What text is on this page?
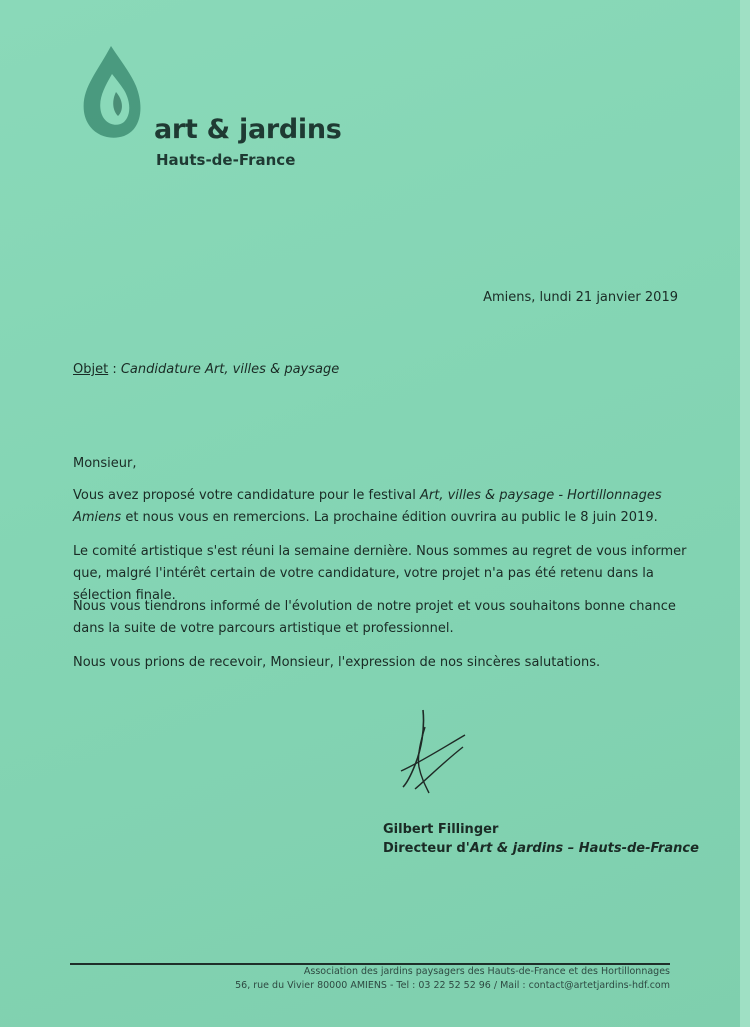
art & jardins
Hauts-de-France
Amiens, lundi 21 janvier 2019
Objet : Candidature Art, villes & paysage
Monsieur,
Vous avez proposé votre candidature pour le festival Art, villes & paysage - Hortillonnages Amiens et nous vous en remercions. La prochaine édition ouvrira au public le 8 juin 2019.
Le comité artistique s'est réuni la semaine dernière. Nous sommes au regret de vous informer que, malgré l'intérêt certain de votre candidature, votre projet n'a pas été retenu dans la sélection finale.
Nous vous tiendrons informé de l'évolution de notre projet et vous souhaitons bonne chance dans la suite de votre parcours artistique et professionnel.
Nous vous prions de recevoir, Monsieur, l'expression de nos sincères salutations.
Gilbert Fillinger
Directeur d'Art & jardins – Hauts-de-France
Association des jardins paysagers des Hauts-de-France et des Hortillonnages
56, rue du Vivier 80000 AMIENS - Tel : 03 22 52 52 96 / Mail : contact@artetjardins-hdf.com
